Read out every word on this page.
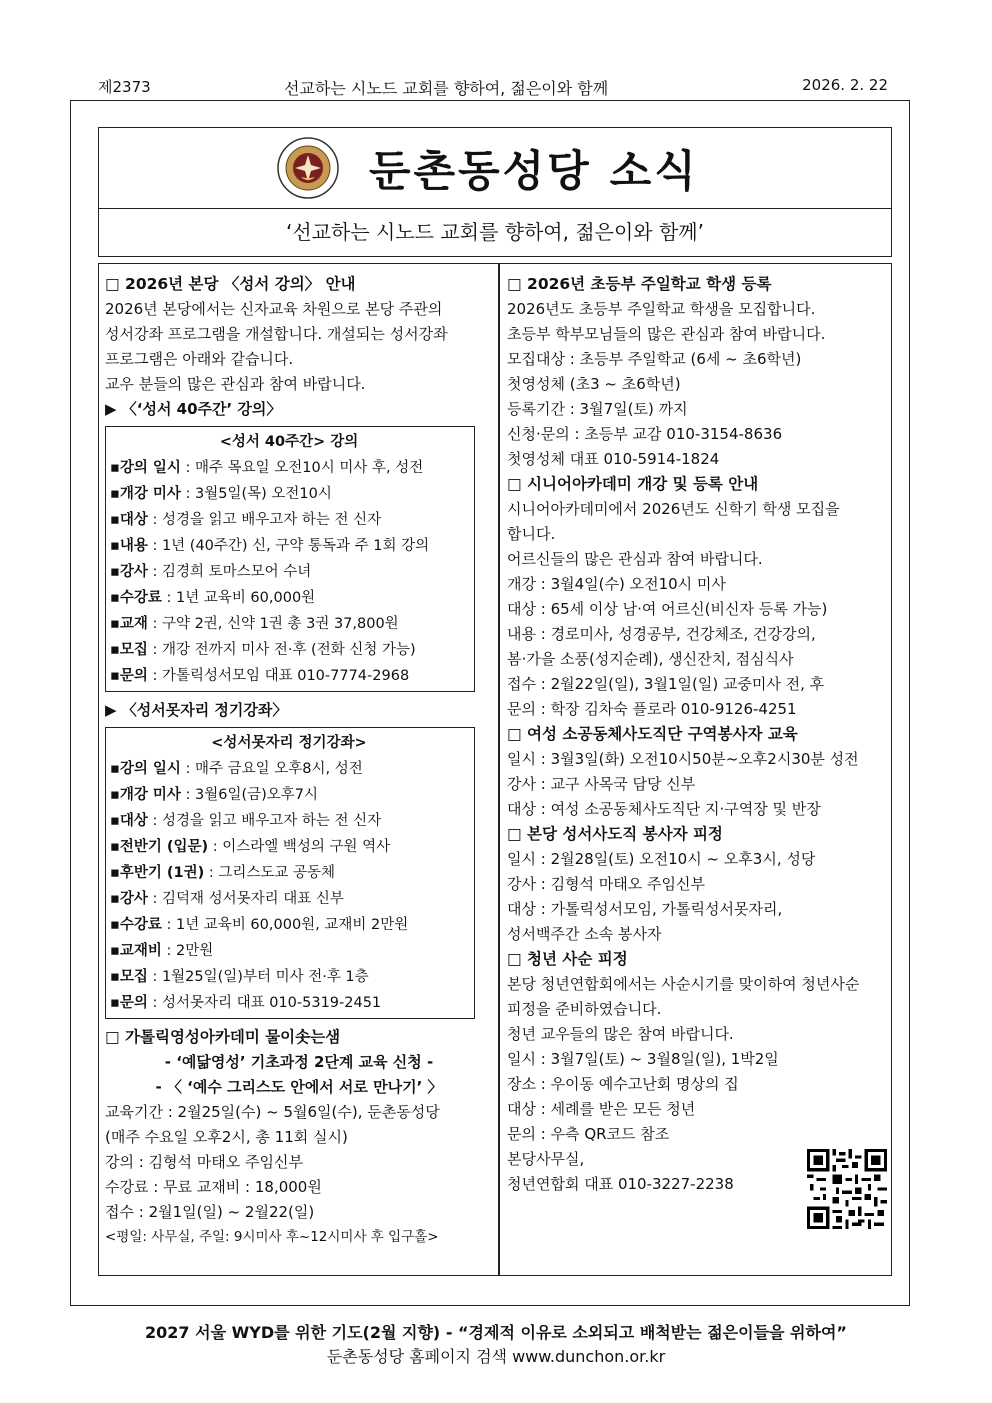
제2373	선교하는 시노드 교회를 향하여, 젊은이와 함께	2026. 2. 22
둔촌동성당 소식
‘선교하는 시노드 교회를 향하여, 젊은이와 함께’
□ 2026년 본당 〈성서 강의〉 안내
2026년 본당에서는 신자교육 차원으로 본당 주관의
성서강좌 프로그램을 개설합니다. 개설되는 성서강좌
프로그램은 아래와 같습니다.
교우 분들의 많은 관심과 참여 바랍니다.
▶ 〈‘성서 40주간’ 강의〉
<성서 40주간> 강의
▪강의 일시 : 매주 목요일 오전10시 미사 후, 성전
▪개강 미사 : 3월5일(목) 오전10시
▪대상 : 성경을 읽고 배우고자 하는 전 신자
▪내용 : 1년 (40주간) 신, 구약 통독과 주 1회 강의
▪강사 : 김경희 토마스모어 수녀
▪수강료 : 1년 교육비 60,000원
▪교재 : 구약 2권, 신약 1권 총 3권 37,800원
▪모집 : 개강 전까지 미사 전·후 (전화 신청 가능)
▪문의 : 가톨릭성서모임 대표 010-7774-2968
▶ 〈성서못자리 정기강좌〉
<성서못자리 정기강좌>
▪강의 일시 : 매주 금요일 오후8시, 성전
▪개강 미사 : 3월6일(금)오후7시
▪대상 : 성경을 읽고 배우고자 하는 전 신자
▪전반기 (입문) : 이스라엘 백성의 구원 역사
▪후반기 (1권) : 그리스도교 공동체
▪강사 : 김덕재 성서못자리 대표 신부
▪수강료 : 1년 교육비 60,000원, 교재비 2만원
▪교재비 : 2만원
▪모집 : 1월25일(일)부터 미사 전·후 1층
▪문의 : 성서못자리 대표 010-5319-2451
□ 가톨릭영성아카데미 물이솟는샘
- ‘예닮영성’ 기초과정 2단계 교육 신청 -
- 〈 ‘예수 그리스도 안에서 서로 만나기’ 〉
교육기간 : 2월25일(수) ~ 5월6일(수), 둔촌동성당
(매주 수요일 오후2시, 총 11회 실시)
강의 : 김형석 마태오 주임신부
수강료 : 무료 교재비 : 18,000원
접수 : 2월1일(일) ~ 2월22(일)
<평일: 사무실, 주일: 9시미사 후~12시미사 후 입구홀>
□ 2026년 초등부 주일학교 학생 등록
2026년도 초등부 주일학교 학생을 모집합니다.
초등부 학부모님들의 많은 관심과 참여 바랍니다.
모집대상 : 초등부 주일학교 (6세 ~ 초6학년)
첫영성체 (초3 ~ 초6학년)
등록기간 : 3월7일(토) 까지
신청·문의 : 초등부 교감 010-3154-8636
첫영성체 대표 010-5914-1824
□ 시니어아카데미 개강 및 등록 안내
시니어아카데미에서 2026년도 신학기 학생 모집을
합니다.
어르신들의 많은 관심과 참여 바랍니다.
개강 : 3월4일(수) 오전10시 미사
대상 : 65세 이상 남·여 어르신(비신자 등록 가능)
내용 : 경로미사, 성경공부, 건강체조, 건강강의,
봄·가을 소풍(성지순례), 생신잔치, 점심식사
접수 : 2월22일(일), 3월1일(일) 교중미사 전, 후
문의 : 학장 김차숙 플로라 010-9126-4251
□ 여성 소공동체사도직단 구역봉사자 교육
일시 : 3월3일(화) 오전10시50분~오후2시30분 성전
강사 : 교구 사목국 담당 신부
대상 : 여성 소공동체사도직단 지·구역장 및 반장
□ 본당 성서사도직 봉사자 피정
일시 : 2월28일(토) 오전10시 ~ 오후3시, 성당
강사 : 김형석 마태오 주임신부
대상 : 가톨릭성서모임, 가톨릭성서못자리,
성서백주간 소속 봉사자
□ 청년 사순 피정
본당 청년연합회에서는 사순시기를 맞이하여 청년사순
피정을 준비하였습니다.
청년 교우들의 많은 참여 바랍니다.
일시 : 3월7일(토) ~ 3월8일(일), 1박2일
장소 : 우이동 예수고난회 명상의 집
대상 : 세례를 받은 모든 청년
문의 : 우측 QR코드 참조
본당사무실,
청년연합회 대표 010-3227-2238
2027 서울 WYD를 위한 기도(2월 지향) - “경제적 이유로 소외되고 배척받는 젊은이들을 위하여”
둔촌동성당 홈페이지 검색 www.dunchon.or.kr
